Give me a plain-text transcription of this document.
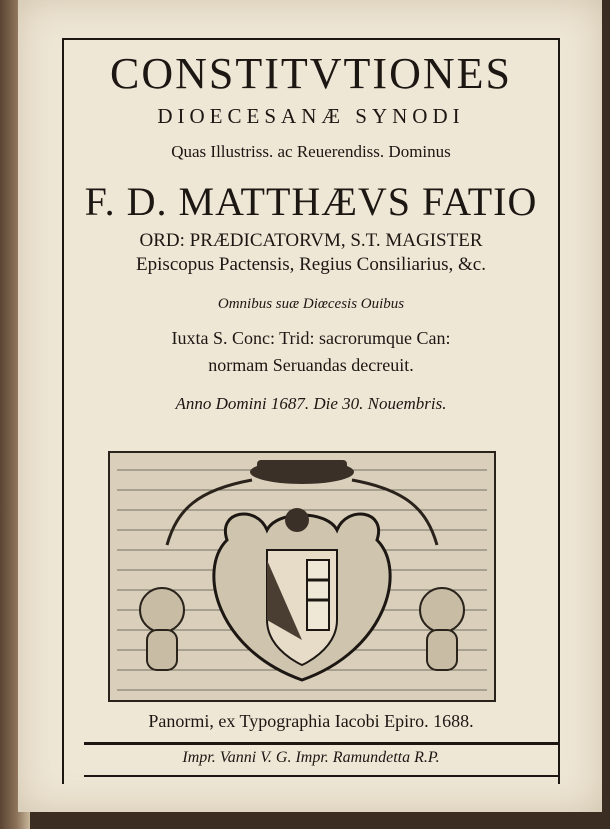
CONSTITVTIONES
DIOECESANÆ SYNODI
Quas Illustriss. ac Reuerendiss. Dominus
F. D. MATTHÆVS FATIO
ORD: PRÆDICATORVM, S.T. MAGISTER
Episcopus Pactensis, Regius Consiliarius, &c.
Omnibus suæ Diœcesis Ouibus
Iuxta S. Conc: Trid: sacrorumque Can:
normam Seruandas decreuit.
Anno Domini 1687. Die 30. Nouembris.
Panormi, ex Typographia Iacobi Epiro. 1688.
Impr. Vanni V. G. Impr. Ramundetta R.P.
